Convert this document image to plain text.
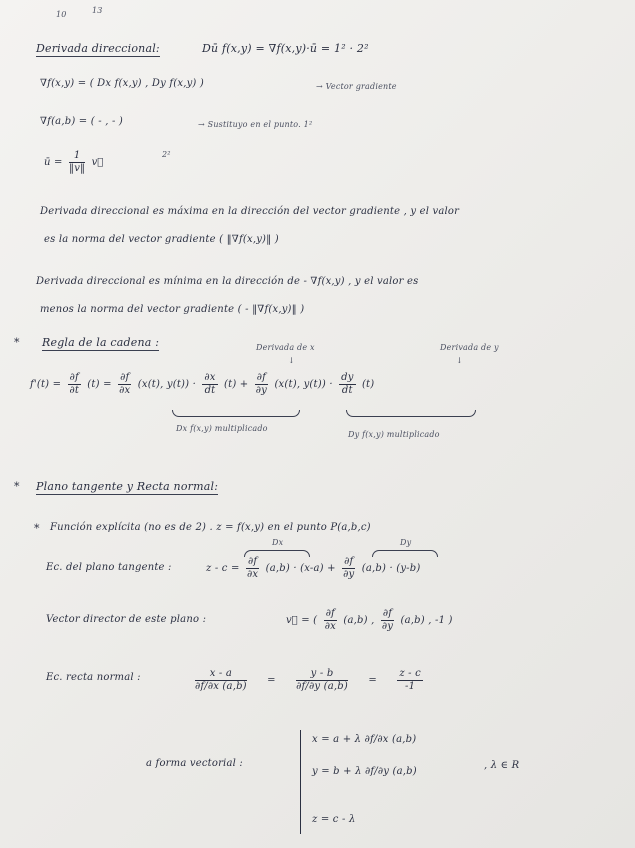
10	13
Derivada direccional:	Dū f(x,y) = ∇f(x,y)·ū = 1² · 2²
∇f(x,y) = ( Dx f(x,y) , Dy f(x,y) )	→ Vector gradiente
∇f(a,b) = ( - , - )	→ Sustituyo en el punto. 1²
ū = $\frac{1}{‖v‖}$ v⃗
2²
Derivada direccional es máxima en la dirección del vector gradiente , y el valor
es la norma del vector gradiente ( ‖∇f(x,y)‖ )
Derivada direccional es mínima en la dirección de - ∇f(x,y) , y el valor es
menos la norma del vector gradiente ( - ‖∇f(x,y)‖ )
* Regla de la cadena :	Derivada de x	Derivada de y
↓	↓
$f'(t) = \frac{\partial f}{\partial t} (t) = \frac{\partial f}{\partial x} (x(t)$, $y(t)) \cdot \frac{\partial x}{dt} (t) + \frac{\partial f}{\partial y} (x(t)$, $y(t)) \cdot \frac{dy}{dt} (t)$
Dx f(x,y) multiplicado
Dy f(x,y) multiplicado
* Plano tangente y Recta normal:
* Función explícita (no es de 2) . z = f(x,y) en el punto P(a,b,c)
Dx	Dy
Ec. del plano tangente :	$z - c = \frac{\partial f}{\partial x} (a,b) \cdot (x-a) + \frac{\partial f}{\partial y} (a,b) \cdot (y-b)$
Vector director de este plano :	v⃗ = ( $\frac{\partial f}{\partial x} (a,b)$ , $\frac{\partial f}{\partial y} (a,b)$ , -1 )
Ec. recta normal :	$\frac{x - a}{\partial f/\partial x (a,b)} = \frac{y - b}{\partial f/\partial y (a,b)} = \frac{z - c}{-1}$
a forma vectorial :
x = a + λ ∂f/∂x (a,b)
y = b + λ ∂f/∂y (a,b)
z = c - λ
, λ ∈ R
